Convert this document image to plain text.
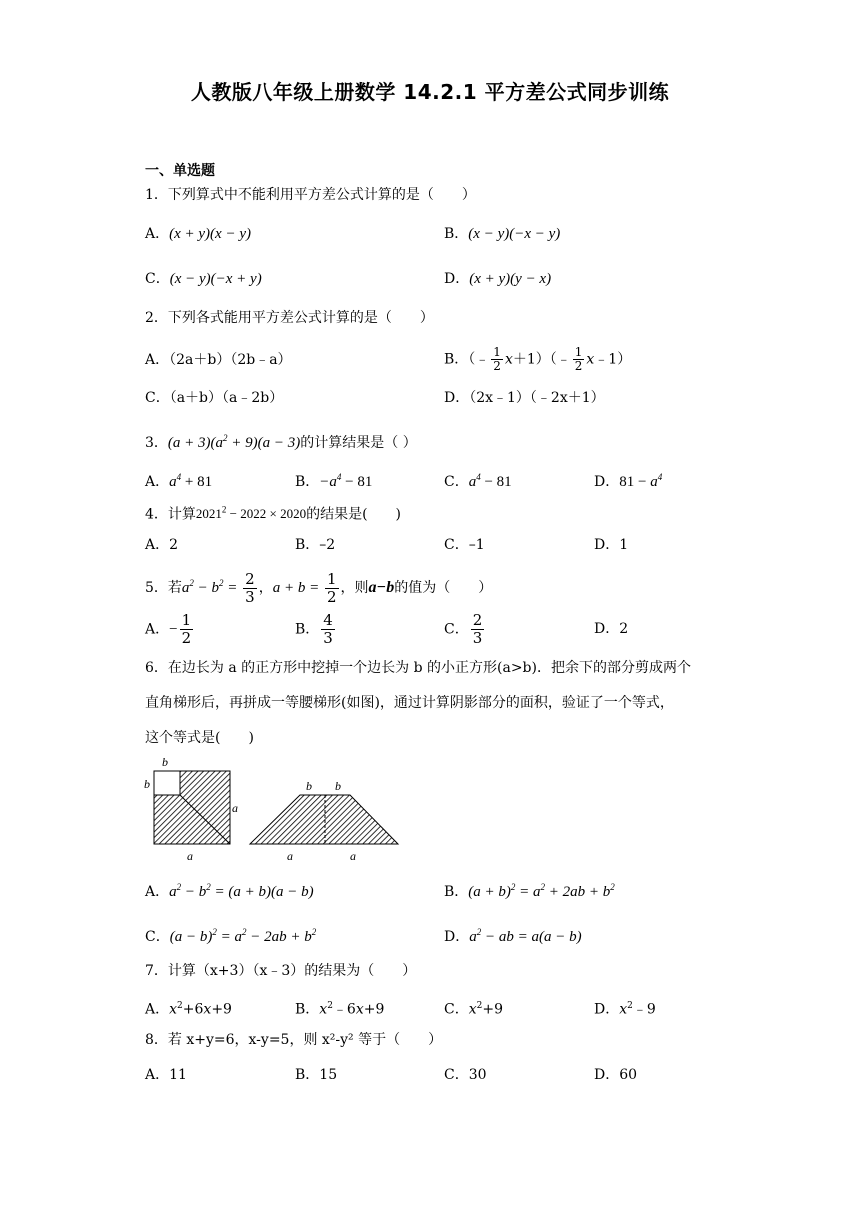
人教版八年级上册数学 14.2.1 平方差公式同步训练
一、单选题
1．下列算式中不能利用平方差公式计算的是（　　）
A．(x + y)(x − y)	B．(x − y)(−x − y)
C．(x − y)(−x + y)	D．(x + y)(y − x)
2．下列各式能用平方差公式计算的是（　　）
A．（2a＋b）（2b﹣a）	B．（﹣ $\frac{1}{2}$ x＋1）（﹣ $\frac{1}{2}$ x﹣1）
C．（a＋b）（a﹣2b）	D．（2x﹣1）（﹣2x＋1）
3．$(a + 3)(a^2 + 9)(a - 3)$的计算结果是（ ）
A．$a^4 + 81$	B．$-a^4 - 81$	C．$a^4 - 81$	D．$81 - a^4$
4．计算$2021^2 - 2022 \times 2020$的结果是(　　)
A．2	B．–2	C．–1	D．1
5．若$a^2 - b^2 = \frac{2}{3}$ ，$a + b = \frac{1}{2}$ ，则a−b的值为（　　）
A．− $\frac{1}{2}$	B． $\frac{4}{3}$	C． $\frac{2}{3}$	D．2
6．在边长为 a 的正方形中挖掉一个边长为 b 的小正方形(a>b)．把余下的部分剪成两个
直角梯形后，再拼成一等腰梯形(如图)，通过计算阴影部分的面积，验证了一个等式，
这个等式是(　　)
b
b
a
a
b b
a	a
A．$a^2 - b^2 = (a + b)(a - b)$	B．$(a + b)^2 = a^2 + 2ab + b^2$
C．$(a - b)^2 = a^2 - 2ab + b^2$	D．$a^2$ − ab = a(a − b)
7．计算（x+3）（x﹣3）的结果为（　　）
A．$x^2+6x+9$	B．$x^2﹣6x+9$	C．$x^2+9$	D．$x^2﹣9$
8．若 x+y=6，x-y=5，则 x²-y² 等于（　　）
A．11	B．15	C．30	D．60
